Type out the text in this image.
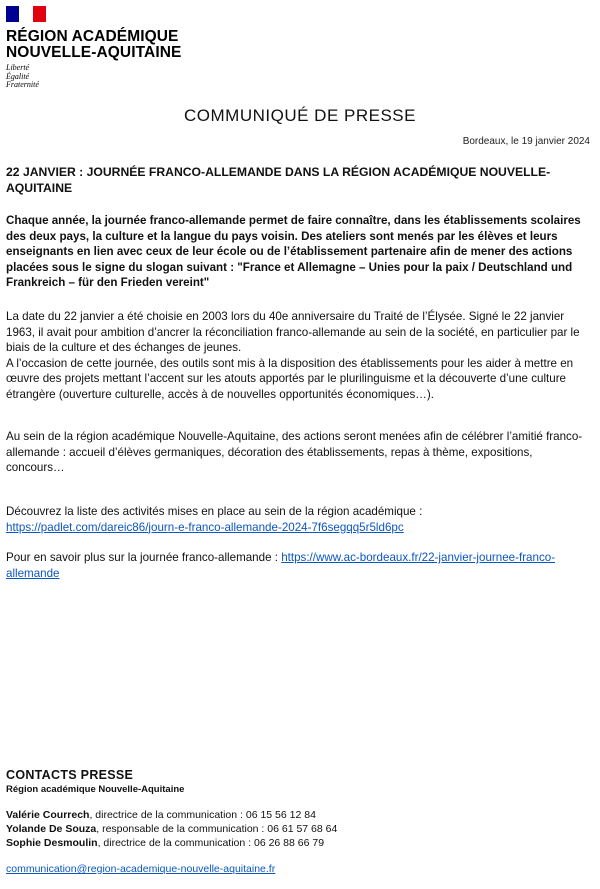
RÉGION ACADÉMIQUE
NOUVELLE-AQUITAINE
Liberté
Égalité
Fraternité
COMMUNIQUÉ DE PRESSE
Bordeaux, le 19 janvier 2024
22 JANVIER : JOURNÉE FRANCO-ALLEMANDE DANS LA RÉGION ACADÉMIQUE NOUVELLE-AQUITAINE
Chaque année, la journée franco-allemande permet de faire connaître, dans les établissements scolaires des deux pays, la culture et la langue du pays voisin. Des ateliers sont menés par les élèves et leurs enseignants en lien avec ceux de leur école ou de l’établissement partenaire afin de mener des actions placées sous le signe du slogan suivant : "France et Allemagne – Unies pour la paix / Deutschland und Frankreich – für den Frieden vereint"
La date du 22 janvier a été choisie en 2003 lors du 40e anniversaire du Traité de l’Élysée. Signé le 22 janvier 1963, il avait pour ambition d’ancrer la réconciliation franco-allemande au sein de la société, en particulier par le biais de la culture et des échanges de jeunes.
A l’occasion de cette journée, des outils sont mis à la disposition des établissements pour les aider à mettre en œuvre des projets mettant l’accent sur les atouts apportés par le plurilinguisme et la découverte d’une culture étrangère (ouverture culturelle, accès à de nouvelles opportunités économiques…).
Au sein de la région académique Nouvelle-Aquitaine, des actions seront menées afin de célébrer l’amitié franco-allemande : accueil d’élèves germaniques, décoration des établissements, repas à thème, expositions, concours…
Découvrez la liste des activités mises en place au sein de la région académique :
https://padlet.com/dareic86/journ-e-franco-allemande-2024-7f6segqq5r5ld6pc
Pour en savoir plus sur la journée franco-allemande : https://www.ac-bordeaux.fr/22-janvier-journee-franco-allemande
CONTACTS PRESSE
Région académique Nouvelle-Aquitaine
Valérie Courrech, directrice de la communication : 06 15 56 12 84
Yolande De Souza, responsable de la communication : 06 61 57 68 64
Sophie Desmoulin, directrice de la communication : 06 26 88 66 79
communication@region-academique-nouvelle-aquitaine.fr
